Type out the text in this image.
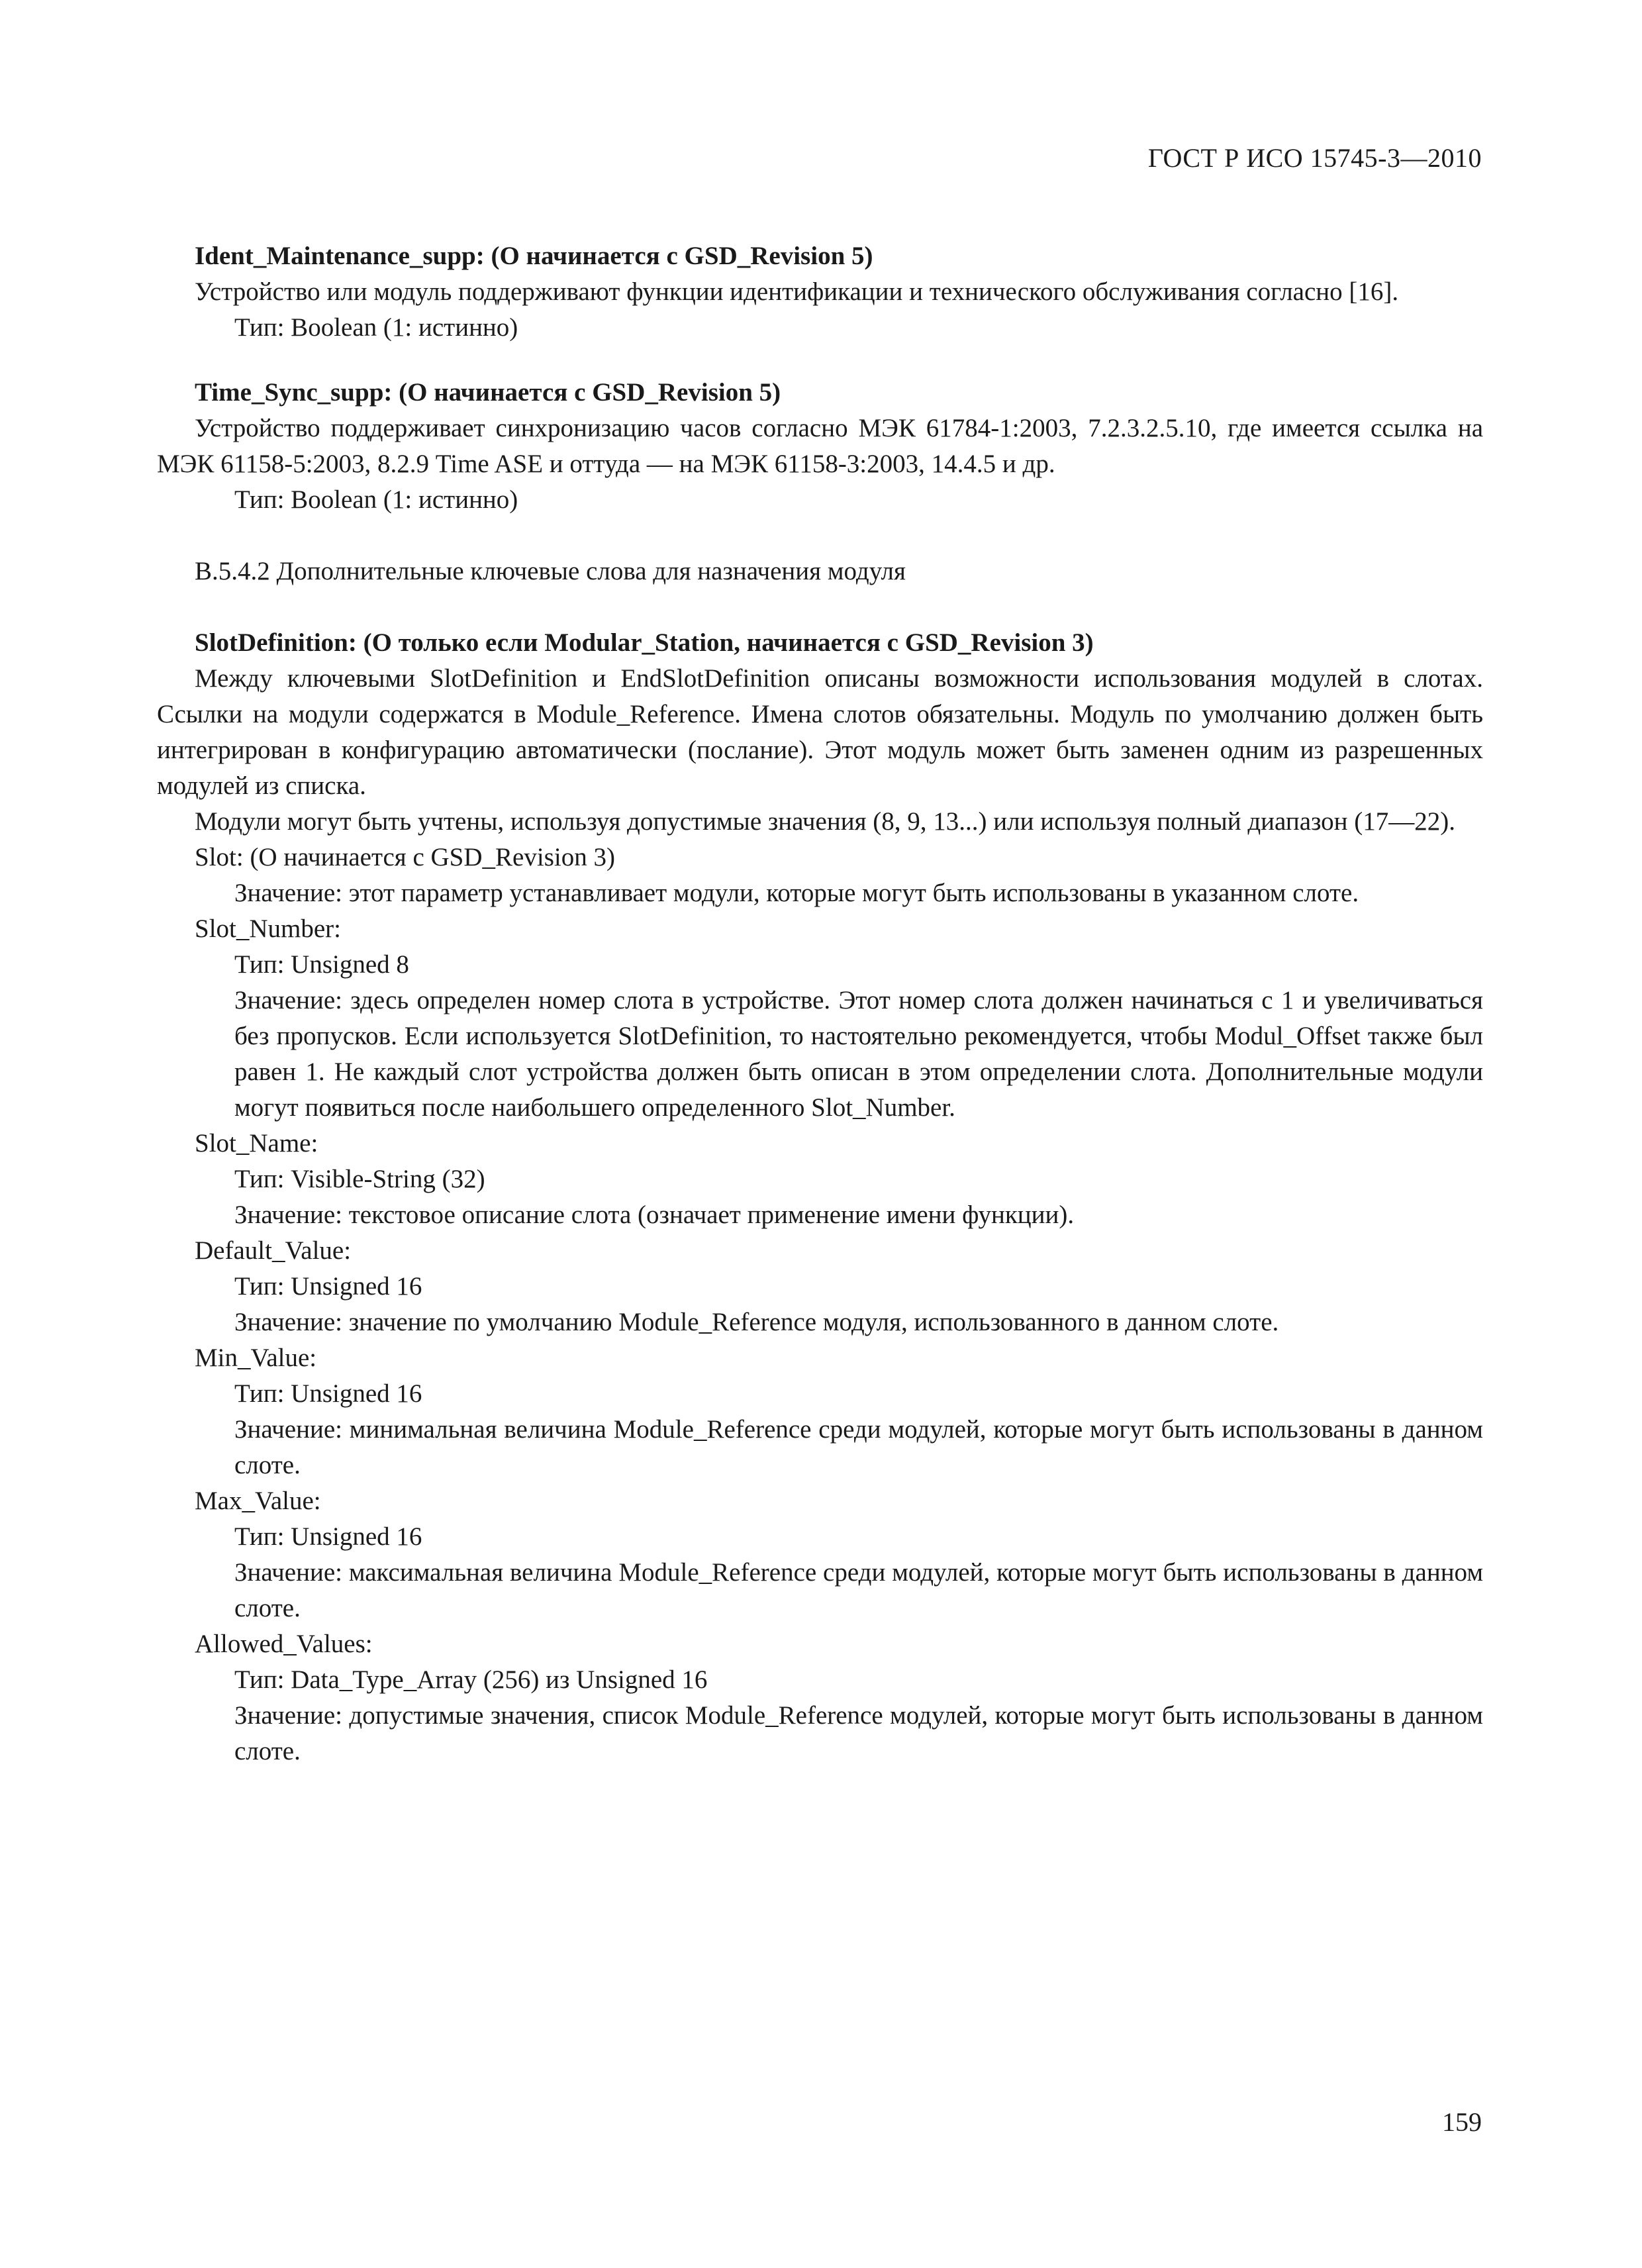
ГОСТ Р ИСО 15745-3—2010

Ident_Maintenance_supp: (O начинается с GSD_Revision 5)

Устройство или модуль поддерживают функции идентификации и технического обслуживания согласно [16].

Тип: Boolean (1: истинно)

Time_Sync_supp: (O начинается с GSD_Revision 5)

Устройство поддерживает синхронизацию часов согласно МЭК 61784-1:2003, 7.2.3.2.5.10, где имеется ссылка на МЭК 61158-5:2003, 8.2.9 Time ASE и оттуда — на МЭК 61158-3:2003, 14.4.5 и др.

Тип: Boolean (1: истинно)

B.5.4.2 Дополнительные ключевые слова для назначения модуля

SlotDefinition: (O только если Modular_Station, начинается с GSD_Revision 3)

Между ключевыми SlotDefinition и EndSlotDefinition описаны возможности использования модулей в слотах. Ссылки на модули содержатся в Module_Reference. Имена слотов обязательны. Модуль по умолчанию должен быть интегрирован в конфигурацию автоматически (послание). Этот модуль может быть заменен одним из разрешенных модулей из списка.

Модули могут быть учтены, используя допустимые значения (8, 9, 13...) или используя полный диапазон (17—22).

Slot: (O начинается с GSD_Revision 3)

Значение: этот параметр устанавливает модули, которые могут быть использованы в указанном слоте.

Slot_Number:

Тип: Unsigned 8

Значение: здесь определен номер слота в устройстве. Этот номер слота должен начинаться с 1 и увеличиваться без пропусков. Если используется SlotDefinition, то настоятельно рекомендуется, чтобы Modul_Offset также был равен 1. Не каждый слот устройства должен быть описан в этом определении слота. Дополнительные модули могут появиться после наибольшего определенного Slot_Number.

Slot_Name:

Тип: Visible-String (32)

Значение: текстовое описание слота (означает применение имени функции).

Default_Value:

Тип: Unsigned 16

Значение: значение по умолчанию Module_Reference модуля, использованного в данном слоте.

Min_Value:

Тип: Unsigned 16

Значение: минимальная величина Module_Reference среди модулей, которые могут быть использованы в данном слоте.

Max_Value:

Тип: Unsigned 16

Значение: максимальная величина Module_Reference среди модулей, которые могут быть использованы в данном слоте.

Allowed_Values:

Тип: Data_Type_Array (256) из Unsigned 16

Значение: допустимые значения, список Module_Reference модулей, которые могут быть использованы в данном слоте.

159
